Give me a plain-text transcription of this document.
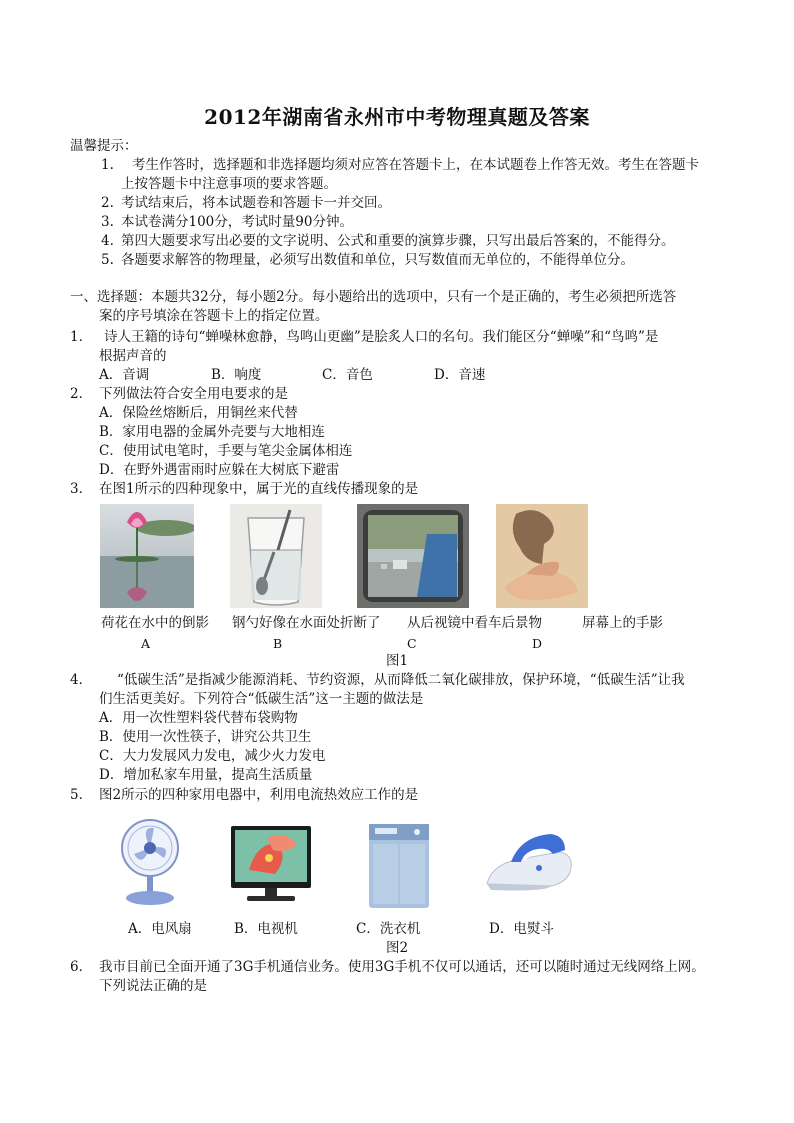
2012年湖南省永州市中考物理真题及答案
温馨提示：
1. 考生作答时，选择题和非选择题均须对应答在答题卡上，在本试题卷上作答无效。考生在答题卡
上按答题卡中注意事项的要求答题。
2. 考试结束后，将本试题卷和答题卡一并交回。
3. 本试卷满分100分，考试时量90分钟。
4. 第四大题要求写出必要的文字说明、公式和重要的演算步骤，只写出最后答案的，不能得分。
5. 各题要求解答的物理量，必须写出数值和单位，只写数值而无单位的，不能得单位分。
一、选择题：本题共32分，每小题2分。每小题给出的选项中，只有一个是正确的，考生必须把所选答
案的序号填涂在答题卡上的指定位置。
1． 诗人王籍的诗句“蝉噪林愈静，鸟鸣山更幽”是脍炙人口的名句。我们能区分“蝉噪”和“鸟鸣”是
根据声音的
A．音调	B．响度	C．音色	D．音速
2． 下列做法符合安全用电要求的是
A．保险丝熔断后，用铜丝来代替
B．家用电器的金属外壳要与大地相连
C．使用试电笔时，手要与笔尖金属体相连
D．在野外遇雷雨时应躲在大树底下避雷
3． 在图1所示的四种现象中，属于光的直线传播现象的是
荷花在水中的倒影 钢勺好像在水面处折断了 从后视镜中看车后景物	屏幕上的手影
A	B	C	D
图1
4． “低碳生活”是指减少能源消耗、节约资源，从而降低二氧化碳排放，保护环境，“低碳生活”让我
们生活更美好。下列符合“低碳生活”这一主题的做法是
A．用一次性塑料袋代替布袋购物
B．使用一次性筷子，讲究公共卫生
C．大力发展风力发电，减少火力发电
D．增加私家车用量，提高生活质量
5． 图2所示的四种家用电器中，利用电流热效应工作的是
A．电风扇	B．电视机	C．洗衣机	D．电熨斗
图2
6． 我市目前已全面开通了3G手机通信业务。使用3G手机不仅可以通话，还可以随时通过无线网络上网。
下列说法正确的是
